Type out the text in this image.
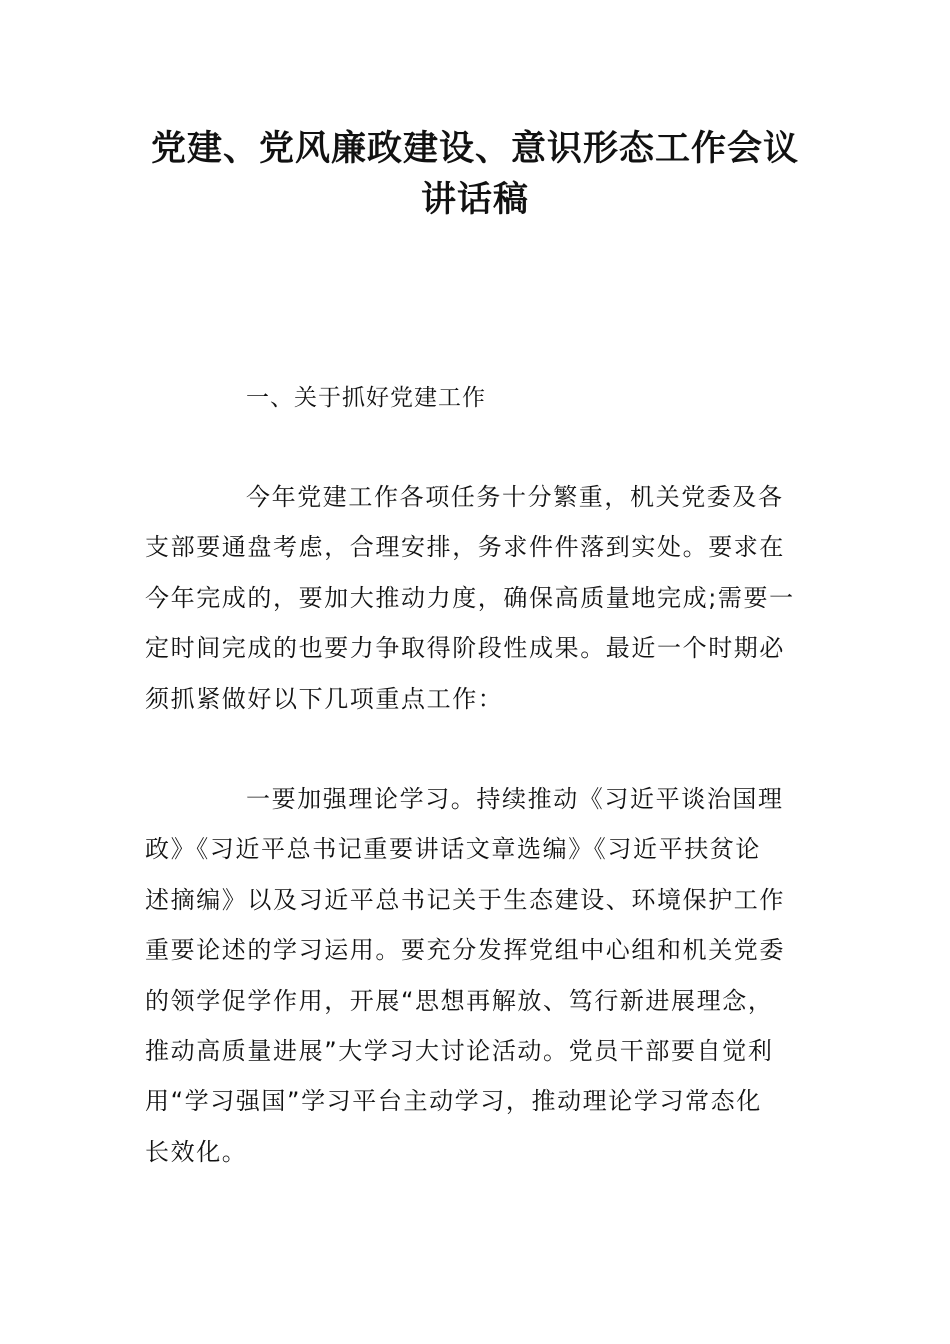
党建、党风廉政建设、意识形态工作会议
讲话稿
一、关于抓好党建工作

今年党建工作各项任务十分繁重，机关党委及各
支部要通盘考虑，合理安排，务求件件落到实处。要求在
今年完成的，要加大推动力度，确保高质量地完成;需要一
定时间完成的也要力争取得阶段性成果。最近一个时期必
须抓紧做好以下几项重点工作：

一要加强理论学习。持续推动《习近平谈治国理
政》《习近平总书记重要讲话文章选编》《习近平扶贫论
述摘编》以及习近平总书记关于生态建设、环境保护工作
重要论述的学习运用。要充分发挥党组中心组和机关党委
的领学促学作用，开展“思想再解放、笃行新进展理念，
推动高质量进展”大学习大讨论活动。党员干部要自觉利
用“学习强国”学习平台主动学习，推动理论学习常态化
长效化。
